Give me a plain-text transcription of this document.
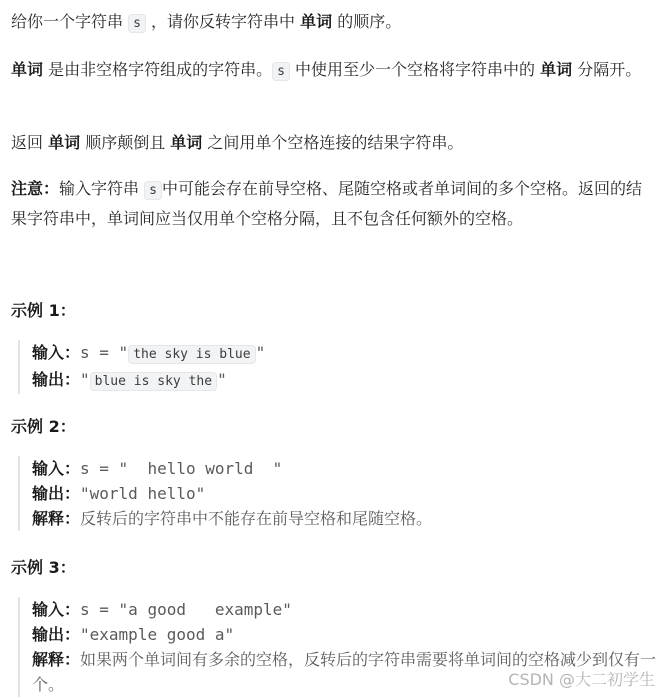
给你一个字符串 s ，请你反转字符串中 单词 的顺序。
单词 是由非空格字符组成的字符串。 s 中使用至少一个空格将字符串中的 单词 分隔开。
返回 单词 顺序颠倒且 单词 之间用单个空格连接的结果字符串。
注意：输入字符串 s 中可能会存在前导空格、尾随空格或者单词间的多个空格。返回的结果字符串中，单词间应当仅用单个空格分隔，且不包含任何额外的空格。
示例 1：
输入：s = " the sky is blue "
输出：" blue is sky the "
示例 2：
输入：s = "  hello world  "
输出："world hello"
解释：反转后的字符串中不能存在前导空格和尾随空格。
示例 3：
输入：s = "a good   example"
输出："example good a"
解释：如果两个单词间有多余的空格，反转后的字符串需要将单词间的空格减少到仅有一个。	CSDN @大二初学生
